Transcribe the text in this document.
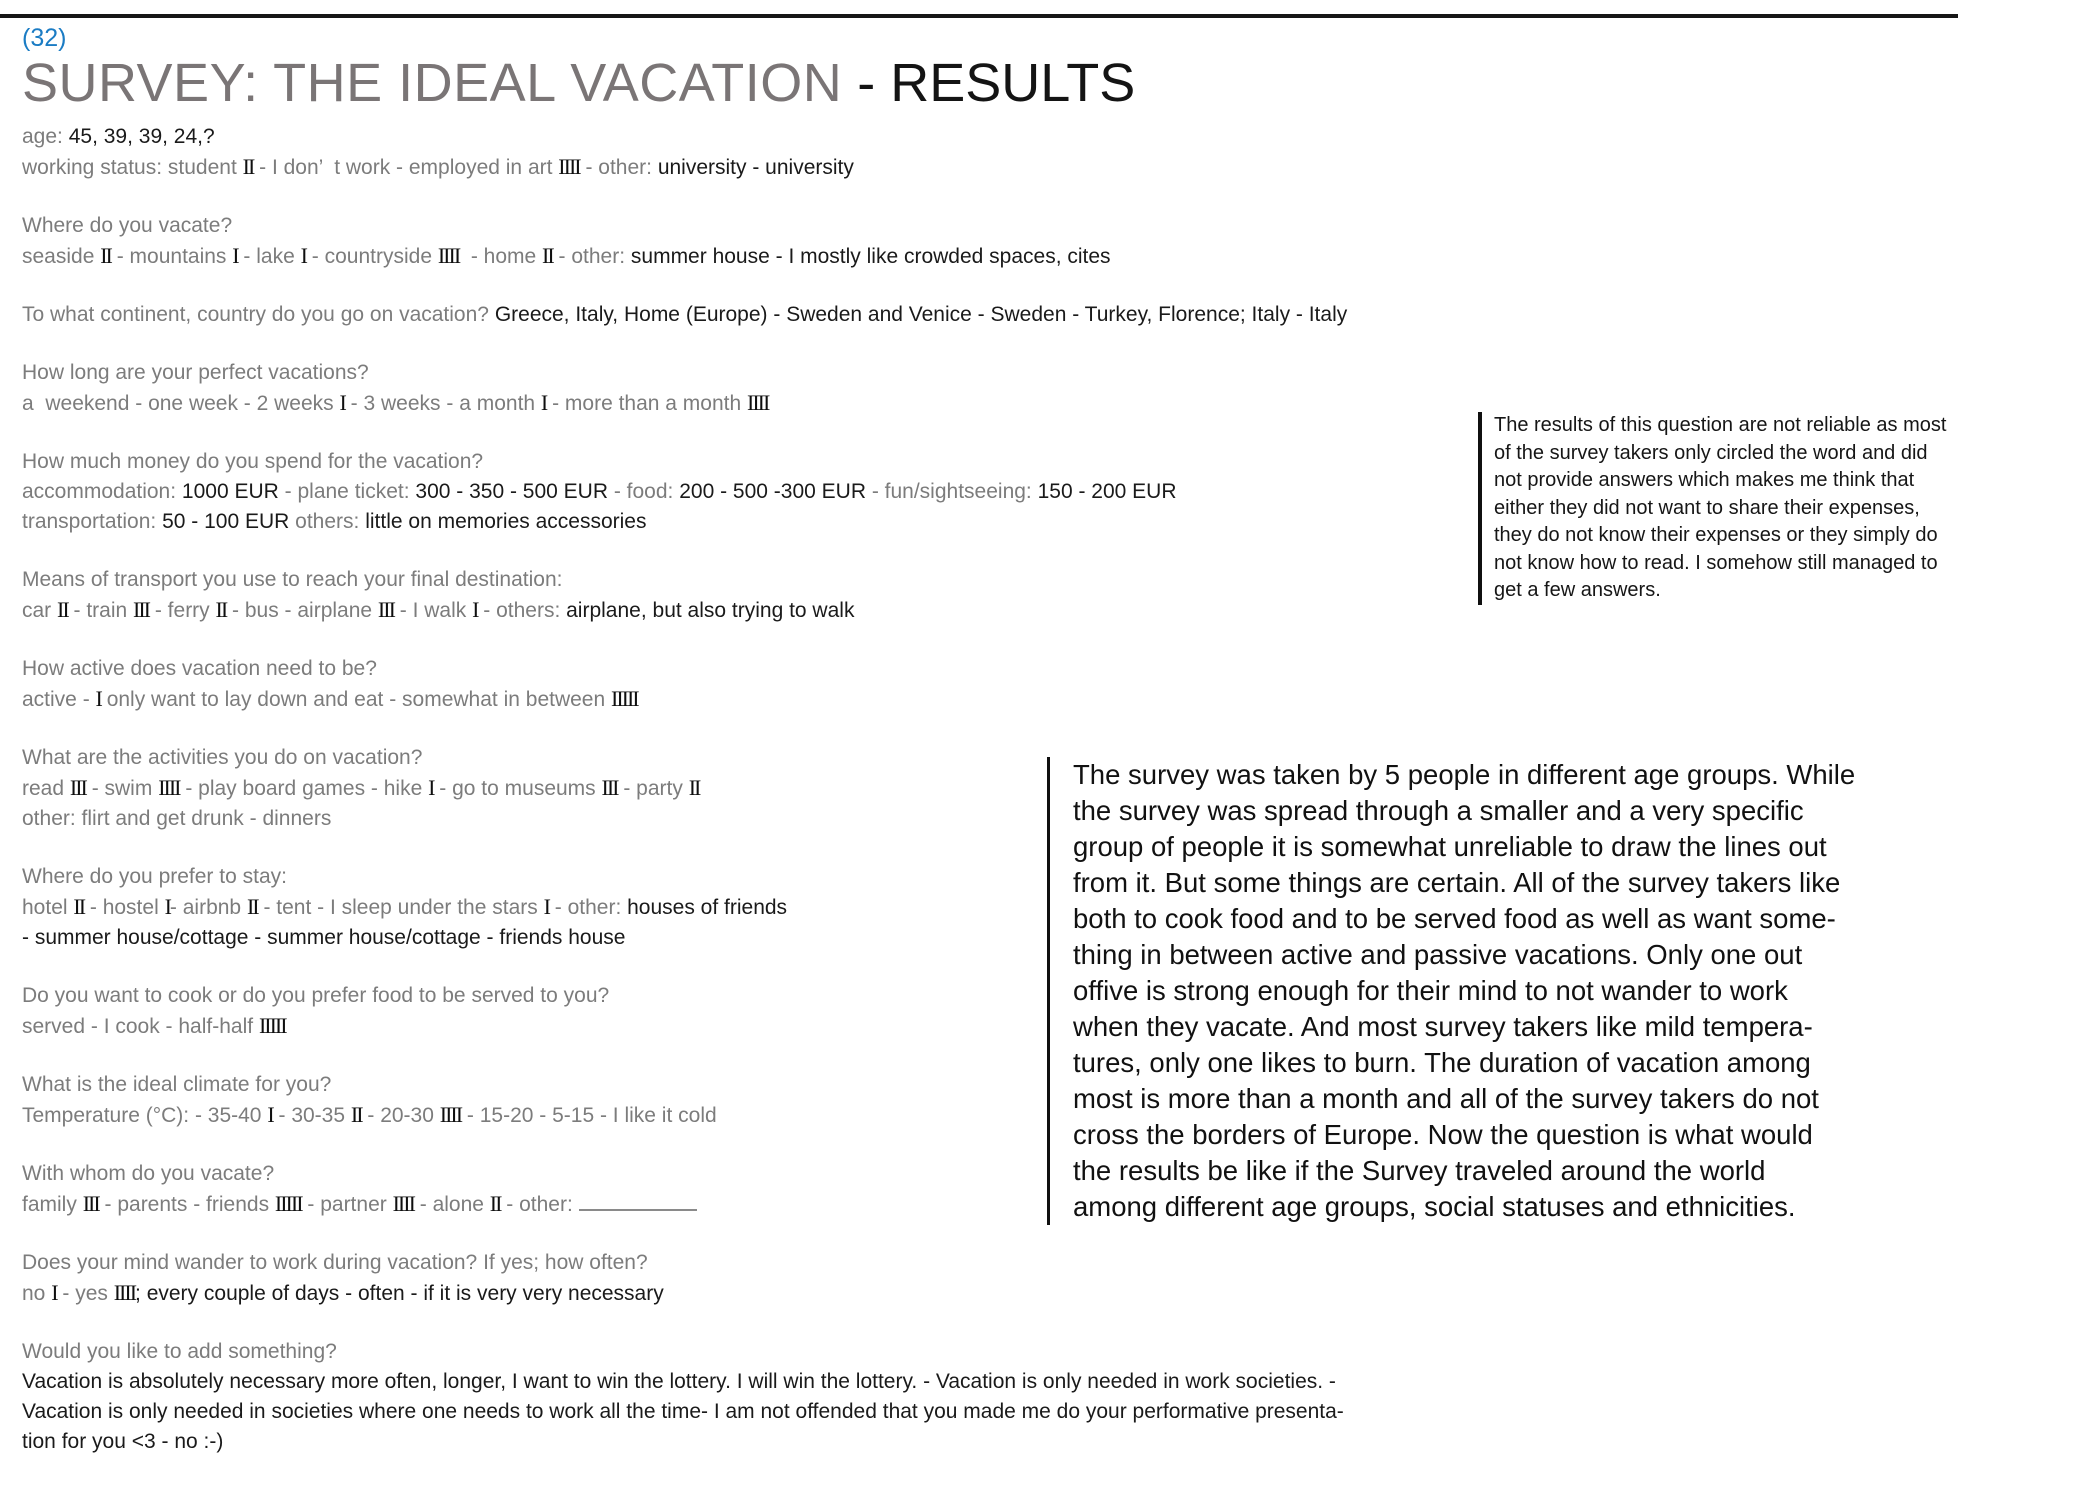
(32)
SURVEY: THE IDEAL VACATION - RESULTS
age: 45, 39, 39, 24,?
working status: student II - I don’  t work - employed in art IIII - other: university - university
Where do you vacate?
seaside II - mountains I - lake I - countryside IIII  - home II - other: summer house - I mostly like crowded spaces, cites
To what continent, country do you go on vacation? Greece, Italy, Home (Europe) - Sweden and Venice - Sweden - Turkey, Florence; Italy - Italy
How long are your perfect vacations?
a  weekend - one week - 2 weeks I - 3 weeks - a month I - more than a month IIII
How much money do you spend for the vacation?
accommodation: 1000 EUR - plane ticket: 300 - 350 - 500 EUR - food: 200 - 500 -300 EUR - fun/sightseeing: 150 - 200 EUR
transportation: 50 - 100 EUR others: little on memories accessories
Means of transport you use to reach your final destination:
car II - train III - ferry II - bus - airplane III - I walk I - others: airplane, but also trying to walk
How active does vacation need to be?
active - I only want to lay down and eat - somewhat in between IIIII
What are the activities you do on vacation?
read III - swim IIII - play board games - hike I - go to museums III - party II
other: flirt and get drunk - dinners
Where do you prefer to stay:
hotel II - hostel I- airbnb II - tent - I sleep under the stars I - other: houses of friends
- summer house/cottage - summer house/cottage - friends house
Do you want to cook or do you prefer food to be served to you?
served - I cook - half-half IIIII
What is the ideal climate for you?
Temperature (°C): - 35-40 I - 30-35 II - 20-30 IIII - 15-20 - 5-15 - I like it cold
With whom do you vacate?
family III - parents - friends IIIII - partner IIII - alone II - other:
Does your mind wander to work during vacation? If yes; how often?
no I - yes IIII; every couple of days - often - if it is very very necessary
Would you like to add something?
Vacation is absolutely necessary more often, longer, I want to win the lottery. I will win the lottery. - Vacation is only needed in work societies. -
Vacation is only needed in societies where one needs to work all the time- I am not offended that you made me do your performative presenta-
tion for you <3 - no :-)
The results of this question are not reliable as most
of the survey takers only circled the word and did
not provide answers which makes me think that
either they did not want to share their expenses,
they do not know their expenses or they simply do
not know how to read. I somehow still managed to
get a few answers.
The survey was taken by 5 people in different age groups. While
the survey was spread through a smaller and a very specific
group of people it is somewhat unreliable to draw the lines out
from it. But some things are certain. All of the survey takers like
both to cook food and to be served food as well as want some-
thing in between active and passive vacations. Only one out
offive is strong enough for their mind to not wander to work
when they vacate. And most survey takers like mild tempera-
tures, only one likes to burn. The duration of vacation among
most is more than a month and all of the survey takers do not
cross the borders of Europe. Now the question is what would
the results be like if the Survey traveled around the world
among different age groups, social statuses and ethnicities.
